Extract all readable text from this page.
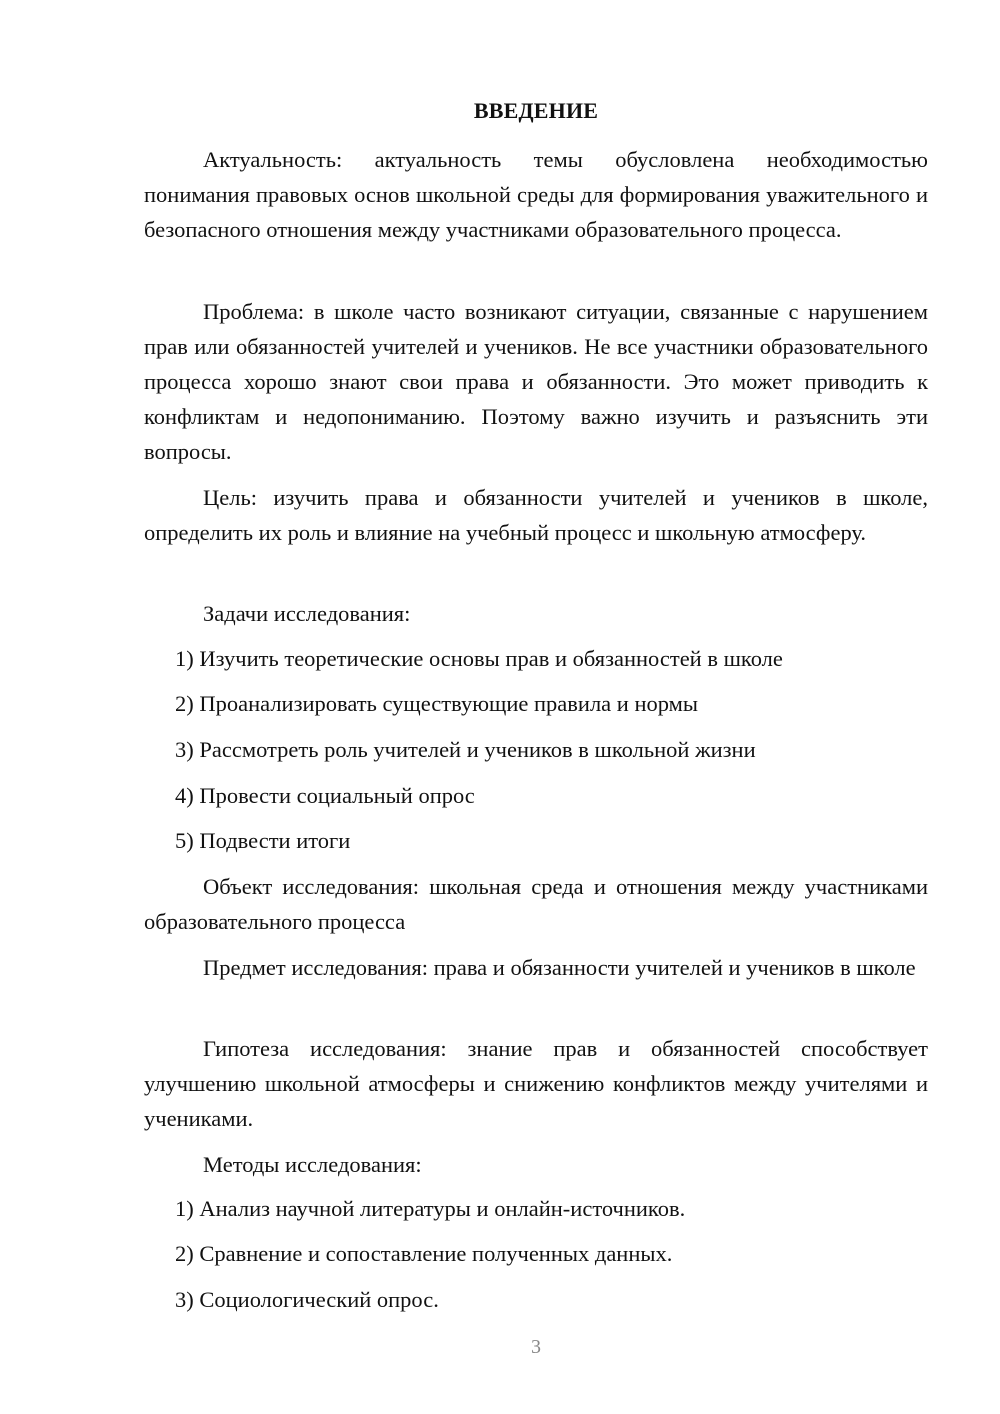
ВВЕДЕНИЕ
Актуальность: актуальность темы обусловлена необходимостью понимания правовых основ школьной среды для формирования уважительного и безопасного отношения между участниками образовательного процесса.
Проблема: в школе часто возникают ситуации, связанные с нарушением прав или обязанностей учителей и учеников. Не все участники образовательного процесса хорошо знают свои права и обязанности. Это может приводить к конфликтам и недопониманию. Поэтому важно изучить и разъяснить эти вопросы.
Цель: изучить права и обязанности учителей и учеников в школе, определить их роль и влияние на учебный процесс и школьную атмосферу.
Задачи исследования:
1) Изучить теоретические основы прав и обязанностей в школе
2) Проанализировать существующие правила и нормы
3) Рассмотреть роль учителей и учеников в школьной жизни
4) Провести социальный опрос
5) Подвести итоги
Объект исследования: школьная среда и отношения между участниками образовательного процесса
Предмет исследования: права и обязанности учителей и учеников в школе
Гипотеза исследования: знание прав и обязанностей способствует улучшению школьной атмосферы и снижению конфликтов между учителями и учениками.
Методы исследования:
1) Анализ научной литературы и онлайн-источников.
2) Сравнение и сопоставление полученных данных.
3) Социологический опрос.
3
